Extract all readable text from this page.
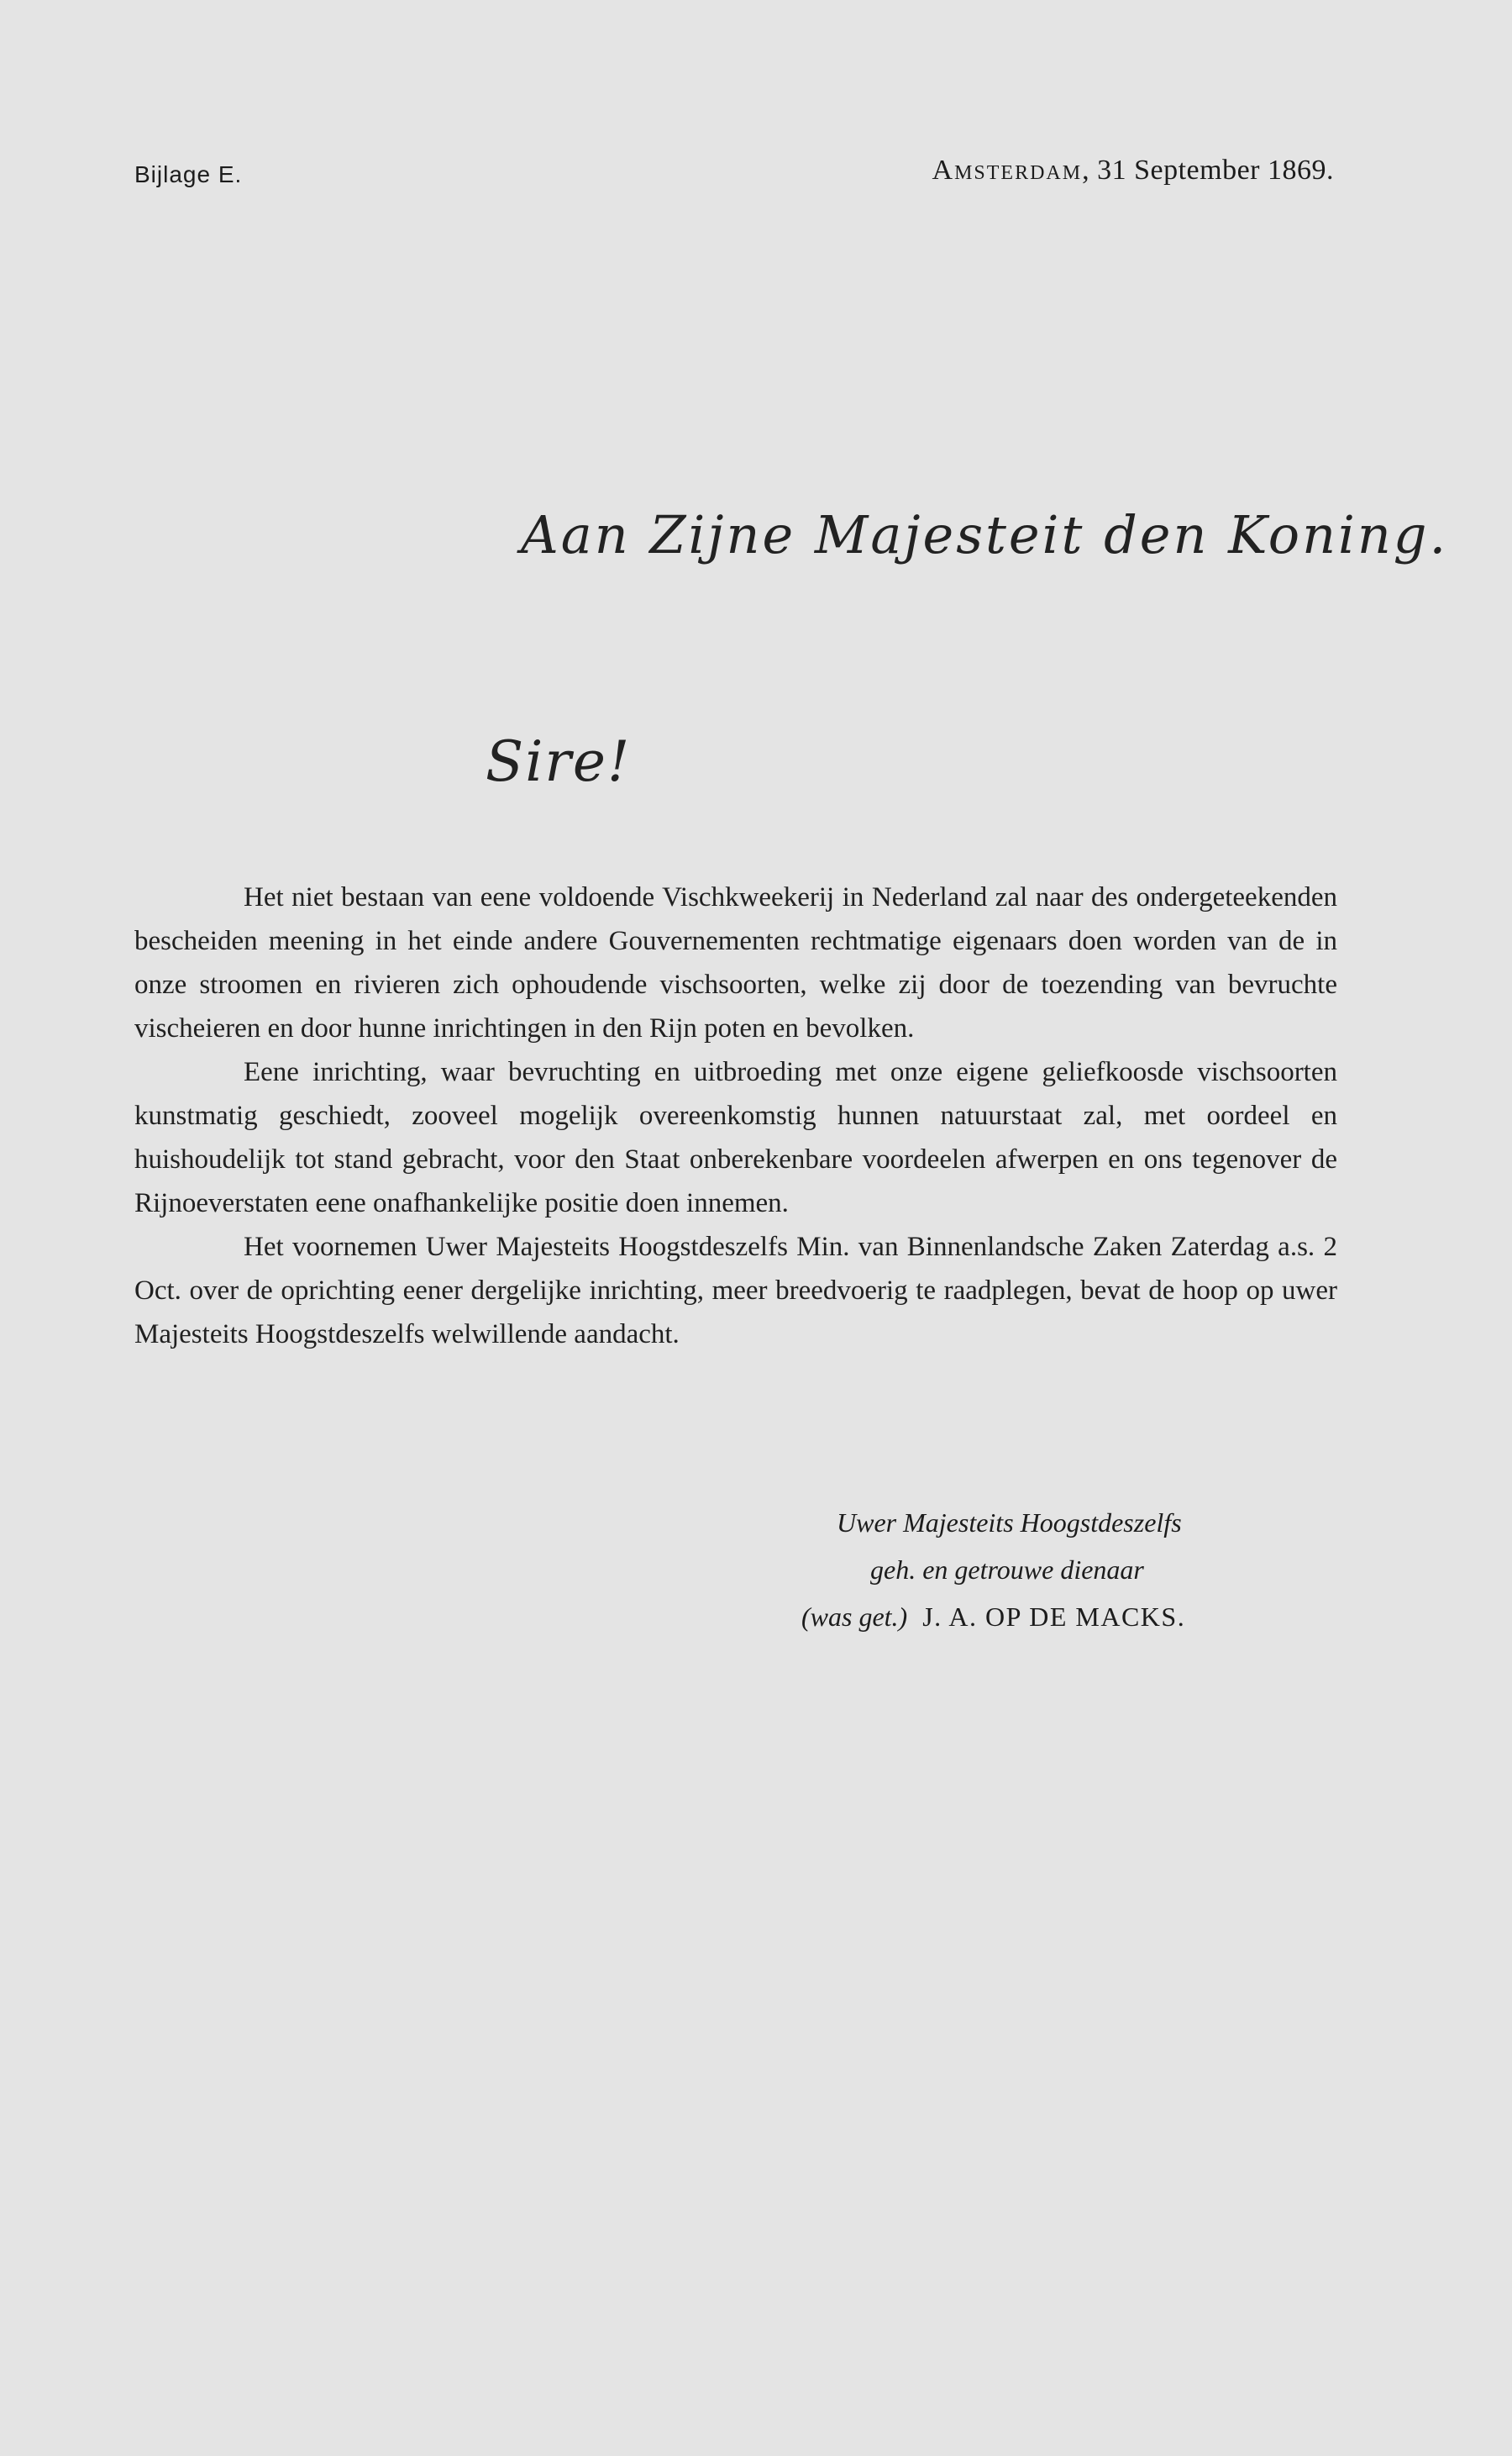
Bijlage E.	Amsterdam, 31 September 1869.
Aan Zijne Majesteit den Koning.
Sire!

Het niet bestaan van eene voldoende Vischkweekerij in Nederland zal naar des ondergeteekenden bescheiden meening in het einde andere Gouvernementen rechtmatige eigenaars doen worden van de in onze stroomen en rivieren zich ophoudende vischsoorten, welke zij door de toezending van bevruchte vischeieren en door hunne inrichtingen in den Rijn poten en bevolken.

Eene inrichting, waar bevruchting en uitbroeding met onze eigene geliefkoosde vischsoorten kunstmatig geschiedt, zooveel mogelijk overeenkomstig hunnen natuurstaat zal, met oordeel en huishoudelijk tot stand gebracht, voor den Staat onberekenbare voordeelen afwerpen en ons tegenover de Rijnoeverstaten eene onafhankelijke positie doen innemen.

Het voornemen Uwer Majesteits Hoogstdeszelfs Min. van Binnenlandsche Zaken Zaterdag a.s. 2 Oct. over de oprichting eener dergelijke inrichting, meer breedvoerig te raadplegen, bevat de hoop op uwer Majesteits Hoogstdeszelfs welwillende aandacht.

Uwer Majesteits Hoogstdeszelfs
geh. en getrouwe dienaar
(was get.) J. A. OP DE MACKS.
